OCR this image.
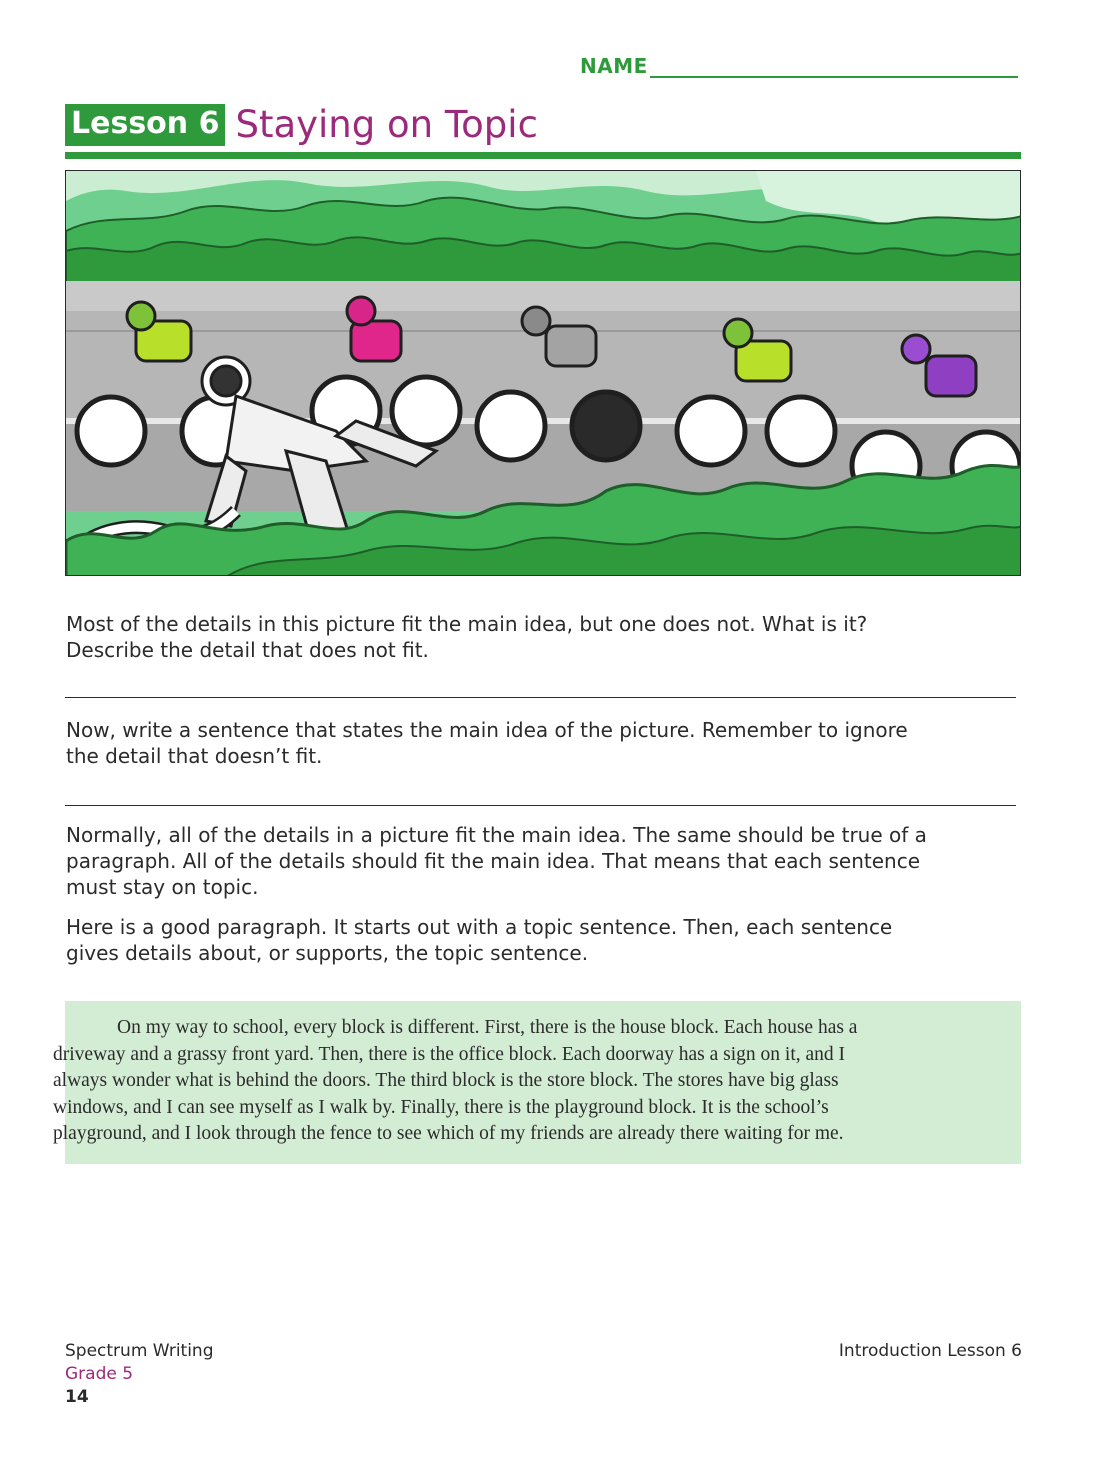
NAME
Lesson 6 Staying on Topic
Most of the details in this picture fit the main idea, but one does not. What is it?
Describe the detail that does not fit.
Now, write a sentence that states the main idea of the picture. Remember to ignore
the detail that doesn’t fit.
Normally, all of the details in a picture fit the main idea. The same should be true of a
paragraph. All of the details should fit the main idea. That means that each sentence
must stay on topic.
Here is a good paragraph. It starts out with a topic sentence. Then, each sentence
gives details about, or supports, the topic sentence.

On my way to school, every block is different. First, there is the house block. Each house has a
driveway and a grassy front yard. Then, there is the office block. Each doorway has a sign on it, and I
always wonder what is behind the doors. The third block is the store block. The stores have big glass
windows, and I can see myself as I walk by. Finally, there is the playground block. It is the school’s
playground, and I look through the fence to see which of my friends are already there waiting for me.

Spectrum Writing
Grade 5
14
Introduction Lesson 6
